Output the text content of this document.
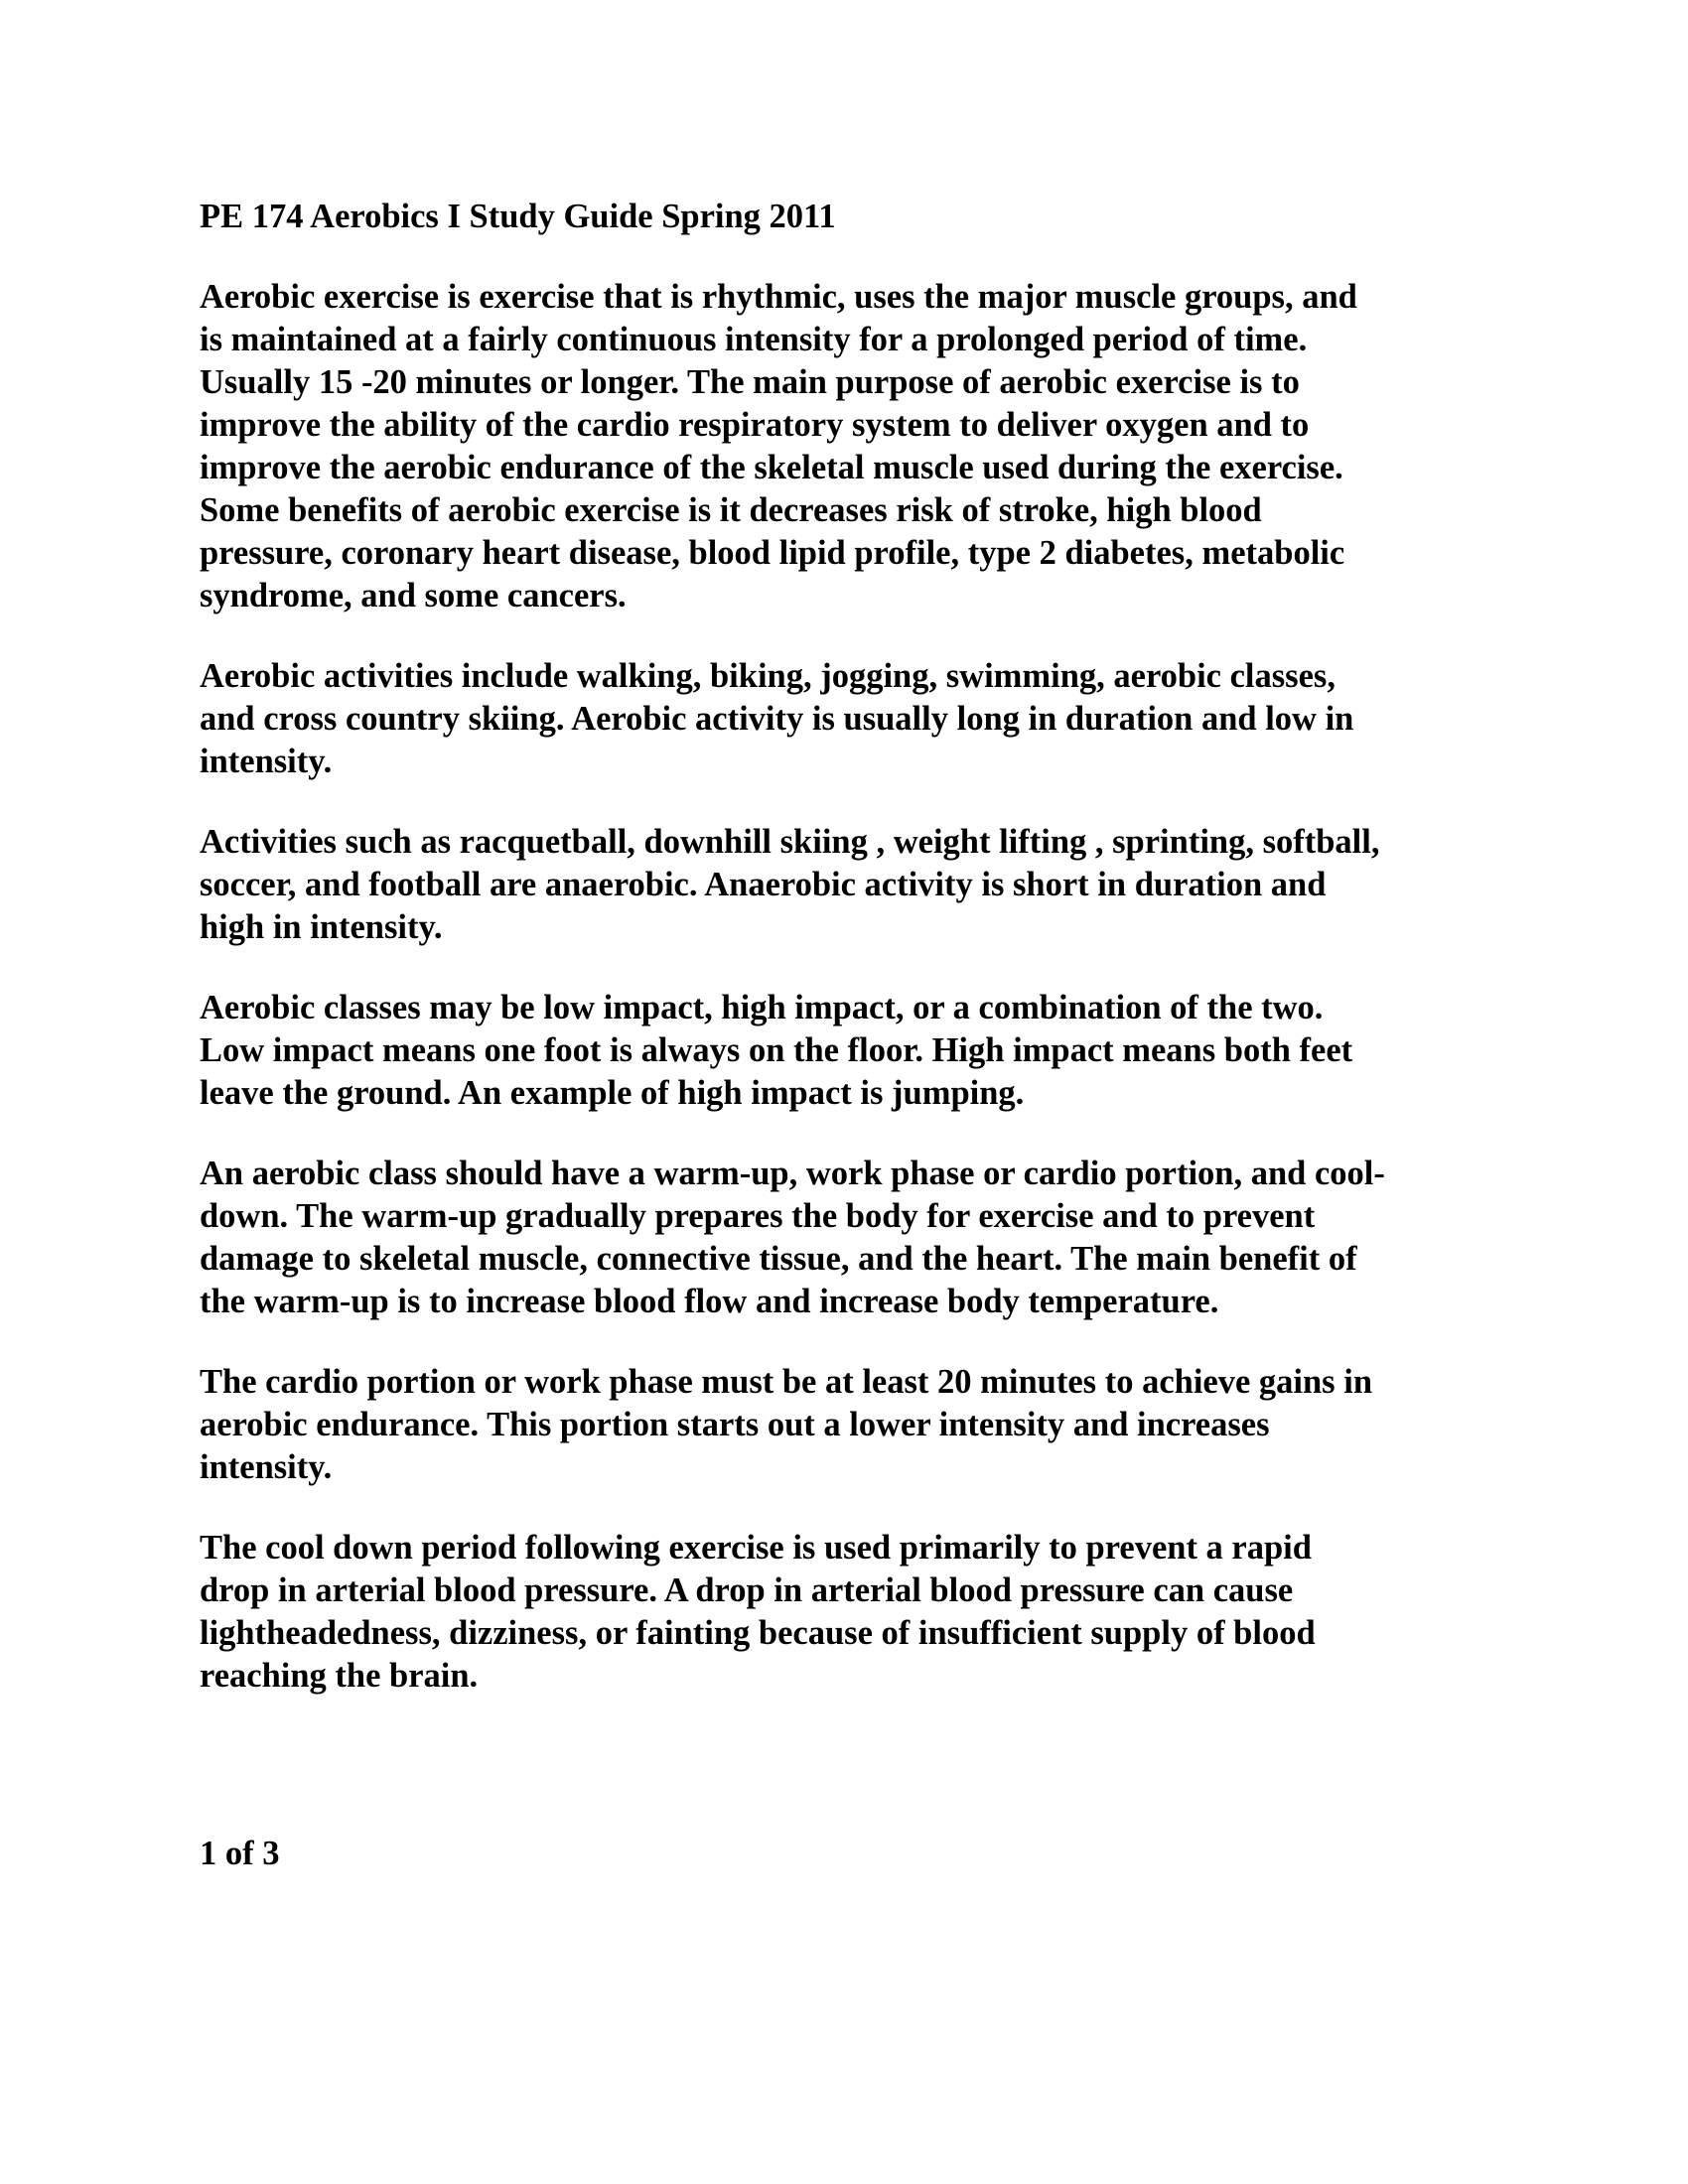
PE 174 Aerobics I Study Guide Spring 2011
Aerobic exercise is exercise that is rhythmic, uses the major muscle groups, and
is maintained at a fairly continuous intensity for a prolonged period of time.
Usually 15 -20 minutes or longer. The main purpose of aerobic exercise is to
improve the ability of the cardio respiratory system to deliver oxygen and to
improve the aerobic endurance of the skeletal muscle used during the exercise.
Some benefits of aerobic exercise is it decreases risk of stroke, high blood
pressure, coronary heart disease, blood lipid profile, type 2 diabetes, metabolic
syndrome, and some cancers.
Aerobic activities include walking, biking, jogging, swimming, aerobic classes,
and cross country skiing. Aerobic activity is usually long in duration and low in
intensity.
Activities such as racquetball, downhill skiing , weight lifting , sprinting, softball,
soccer, and football are anaerobic. Anaerobic activity is short in duration and
high in intensity.
Aerobic classes may be low impact, high impact, or a combination of the two.
Low impact means one foot is always on the floor. High impact means both feet
leave the ground. An example of high impact is jumping.
An aerobic class should have a warm-up, work phase or cardio portion, and cool-
down. The warm-up gradually prepares the body for exercise and to prevent
damage to skeletal muscle, connective tissue, and the heart. The main benefit of
the warm-up is to increase blood flow and increase body temperature.
The cardio portion or work phase must be at least 20 minutes to achieve gains in
aerobic endurance. This portion starts out a lower intensity and increases
intensity.
The cool down period following exercise is used primarily to prevent a rapid
drop in arterial blood pressure. A drop in arterial blood pressure can cause
lightheadedness, dizziness, or fainting because of insufficient supply of blood
reaching the brain.
1 of 3
